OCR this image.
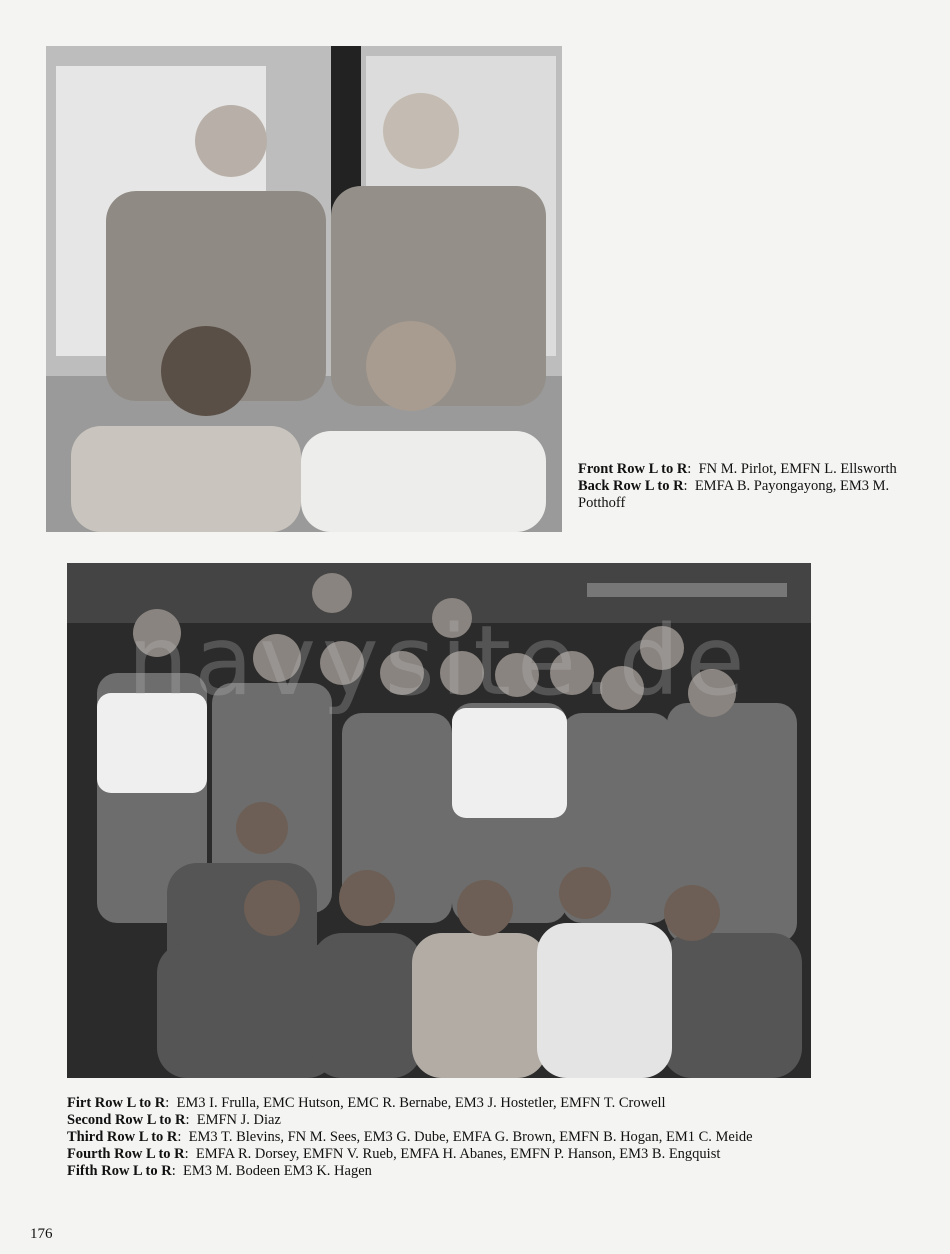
Front Row L to R:  FN M. Pirlot, EMFN L. Ellsworth
Back Row L to R:  EMFA B. Payongayong, EM3 M. Potthoff
navysite.de
Firt Row L to R:  EM3 I. Frulla, EMC Hutson, EMC R. Bernabe, EM3 J. Hostetler, EMFN T. Crowell
Second Row L to R:  EMFN J. Diaz
Third Row L to R:  EM3 T. Blevins, FN M. Sees, EM3 G. Dube, EMFA G. Brown, EMFN B. Hogan, EM1 C. Meide
Fourth Row L to R:  EMFA R. Dorsey, EMFN V. Rueb, EMFA H. Abanes, EMFN P. Hanson, EM3 B. Engquist
Fifth Row L to R:  EM3 M. Bodeen EM3 K. Hagen
176
